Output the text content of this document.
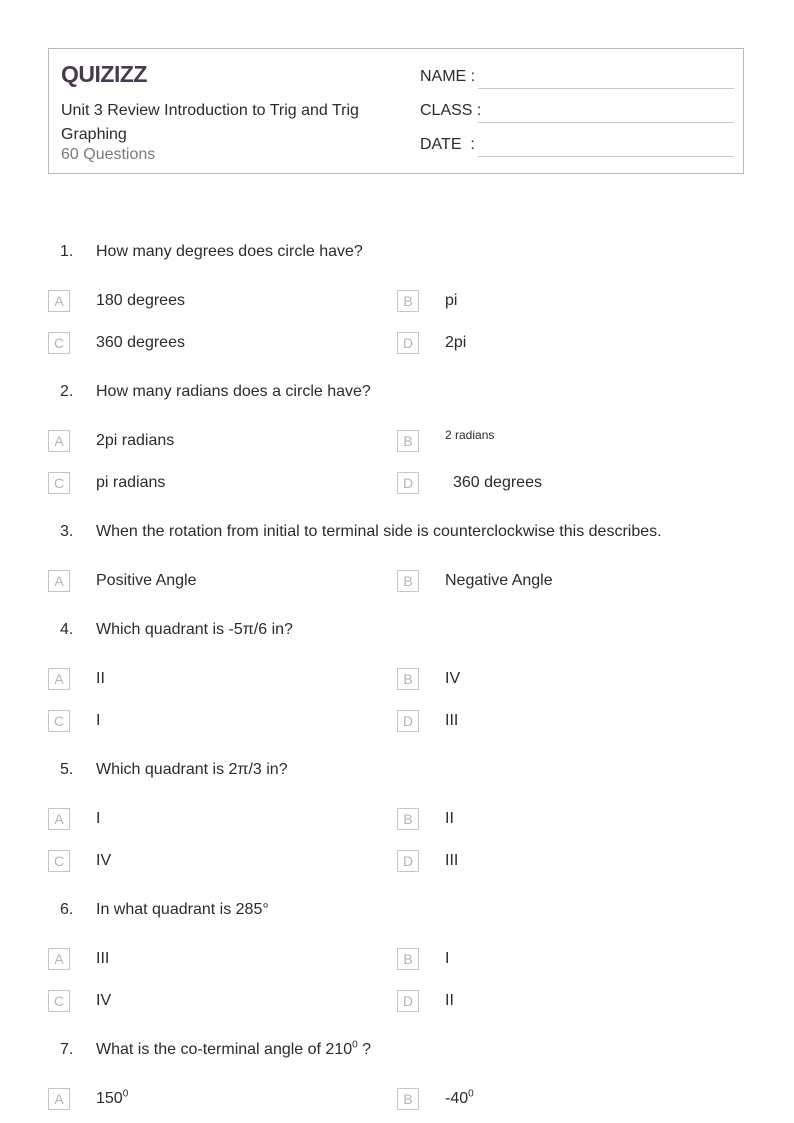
QUIZIZZ
Unit 3 Review Introduction to Trig and Trig Graphing
60 Questions
NAME :
CLASS :
DATE  :
1. How many degrees does circle have?
A	180 degrees	B	pi
C	360 degrees	D	2pi
2. How many radians does a circle have?
A	2pi radians	B	2 radians
C	pi radians	D	360 degrees
3. When the rotation from initial to terminal side is counterclockwise this describes.
A	Positive Angle	B	Negative Angle
4. Which quadrant is -5π/6 in?
A	II	B	IV
C	I	D	III
5. Which quadrant is 2π/3 in?
A	I	B	II
C	IV	D	III
6. In what quadrant is 285°
A	III	B	I
C	IV	D	II
7. What is the co-terminal angle of $210^0$ ?
A	$150^0$	B	$-40^0$
